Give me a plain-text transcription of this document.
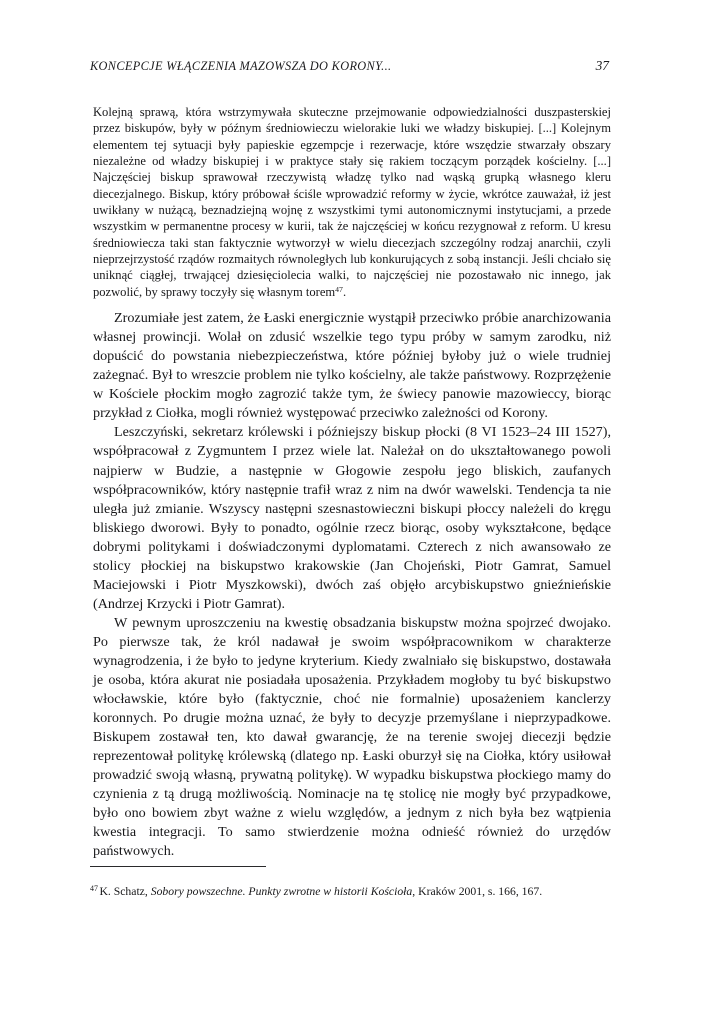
KONCEPCJE WŁĄCZENIA MAZOWSZA DO KORONY...	37

Kolejną sprawą, która wstrzymywała skuteczne przejmowanie odpowiedzialności duszpasterskiej przez biskupów, były w późnym średniowieczu wielorakie luki we władzy biskupiej. [...] Kolejnym elementem tej sytuacji były papieskie egzempcje i rezerwacje, które wszędzie stwarzały obszary niezależne od władzy biskupiej i w praktyce stały się rakiem toczącym porządek kościelny. [...] Najczęściej biskup sprawował rzeczywistą władzę tylko nad wąską grupką własnego kleru diecezjalnego. Biskup, który próbował ściśle wprowadzić reformy w życie, wkrótce zauważał, iż jest uwikłany w nużącą, beznadziejną wojnę z wszystkimi tymi autonomicznymi instytucjami, a przede wszystkim w permanentne procesy w kurii, tak że najczęściej w końcu rezygnował z reform. U kresu średniowiecza taki stan faktycznie wytworzył w wielu diecezjach szczególny rodzaj anarchii, czyli nieprzejrzystość rządów rozmaitych równoległych lub konkurujących z sobą instancji. Jeśli chciało się uniknąć ciągłej, trwającej dziesięciolecia walki, to najczęściej nie pozostawało nic innego, jak pozwolić, by sprawy toczyły się własnym torem$^{47}$.

Zrozumiałe jest zatem, że Łaski energicznie wystąpił przeciwko próbie anarchizowania własnej prowincji. Wolał on zdusić wszelkie tego typu próby w samym zarodku, niż dopuścić do powstania niebezpieczeństwa, które później byłoby już o wiele trudniej zażegnać. Był to wreszcie problem nie tylko kościelny, ale także państwowy. Rozprzężenie w Kościele płockim mogło zagrozić także tym, że świecy panowie mazowieccy, biorąc przykład z Ciołka, mogli również występować przeciwko zależności od Korony.

Leszczyński, sekretarz królewski i późniejszy biskup płocki (8 VI 1523–24 III 1527), współpracował z Zygmuntem I przez wiele lat. Należał on do ukształtowanego powoli najpierw w Budzie, a następnie w Głogowie zespołu jego bliskich, zaufanych współpracowników, który następnie trafił wraz z nim na dwór wawelski. Tendencja ta nie uległa już zmianie. Wszyscy następni szesnastowieczni biskupi płoccy należeli do kręgu bliskiego dworowi. Były to ponadto, ogólnie rzecz biorąc, osoby wykształcone, będące dobrymi politykami i doświadczonymi dyplomatami. Czterech z nich awansowało ze stolicy płockiej na biskupstwo krakowskie (Jan Chojeński, Piotr Gamrat, Samuel Maciejowski i Piotr Myszkowski), dwóch zaś objęło arcybiskupstwo gnieźnieńskie (Andrzej Krzycki i Piotr Gamrat).

W pewnym uproszczeniu na kwestię obsadzania biskupstw można spojrzeć dwojako. Po pierwsze tak, że król nadawał je swoim współpracownikom w charakterze wynagrodzenia, i że było to jedyne kryterium. Kiedy zwalniało się biskupstwo, dostawała je osoba, która akurat nie posiadała uposażenia. Przykładem mogłoby tu być biskupstwo włocławskie, które było (faktycznie, choć nie formalnie) uposażeniem kanclerzy koronnych. Po drugie można uznać, że były to decyzje przemyślane i nieprzypadkowe. Biskupem zostawał ten, kto dawał gwarancję, że na terenie swojej diecezji będzie reprezentował politykę królewską (dlatego np. Łaski oburzył się na Ciołka, który usiłował prowadzić swoją własną, prywatną politykę). W wypadku biskupstwa płockiego mamy do czynienia z tą drugą możliwością. Nominacje na tę stolicę nie mogły być przypadkowe, było ono bowiem zbyt ważne z wielu względów, a jednym z nich była bez wątpienia kwestia integracji. To samo stwierdzenie można odnieść również do urzędów państwowych.

$^{47}$ K. Schatz, Sobory powszechne. Punkty zwrotne w historii Kościoła, Kraków 2001, s. 166, 167.
